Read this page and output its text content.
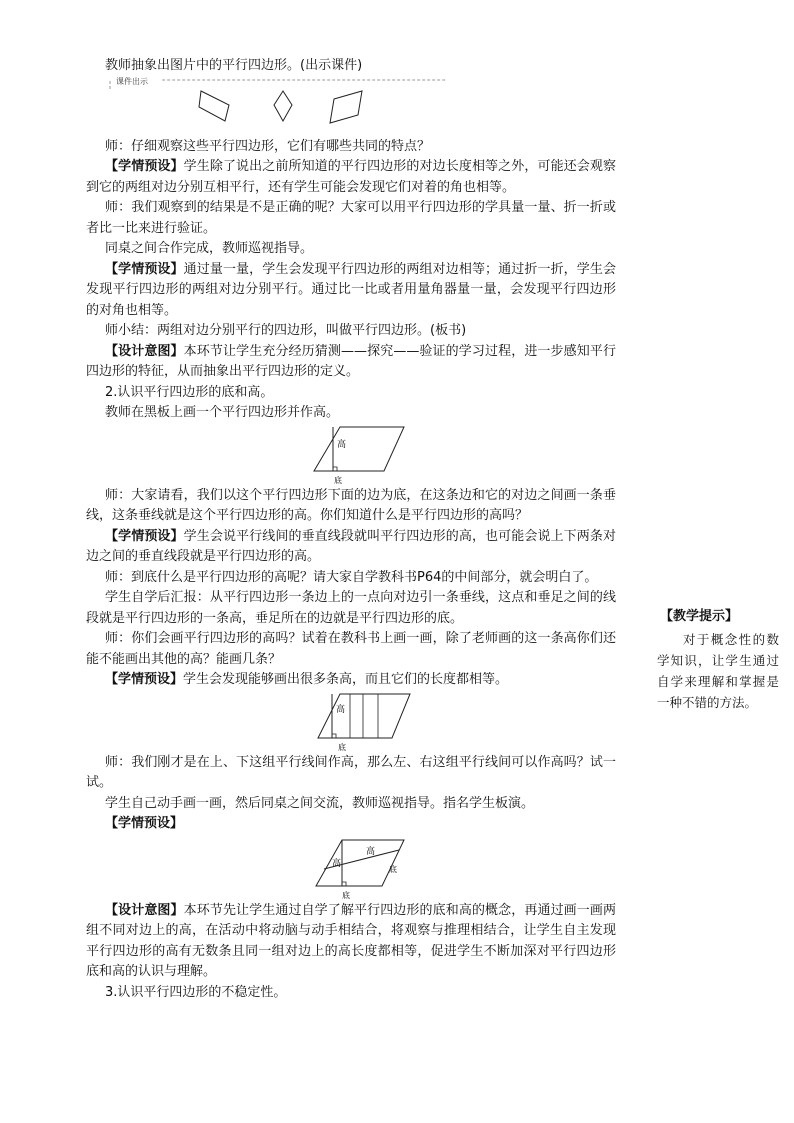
教师抽象出图片中的平行四边形。(出示课件)

课件出示

师：仔细观察这些平行四边形，它们有哪些共同的特点？

【学情预设】学生除了说出之前所知道的平行四边形的对边长度相等之外，可能还会观察到它的两组对边分别互相平行，还有学生可能会发现它们对着的角也相等。

师：我们观察到的结果是不是正确的呢？大家可以用平行四边形的学具量一量、折一折或者比一比来进行验证。

同桌之间合作完成，教师巡视指导。

【学情预设】通过量一量，学生会发现平行四边形的两组对边相等；通过折一折，学生会发现平行四边形的两组对边分别平行。通过比一比或者用量角器量一量，会发现平行四边形的对角也相等。

师小结：两组对边分别平行的四边形，叫做平行四边形。(板书)

【设计意图】本环节让学生充分经历猜测——探究——验证的学习过程，进一步感知平行四边形的特征，从而抽象出平行四边形的定义。

2.认识平行四边形的底和高。

教师在黑板上画一个平行四边形并作高。

高
底

师：大家请看，我们以这个平行四边形下面的边为底，在这条边和它的对边之间画一条垂线，这条垂线就是这个平行四边形的高。你们知道什么是平行四边形的高吗？

【学情预设】学生会说平行线间的垂直线段就叫平行四边形的高，也可能会说上下两条对边之间的垂直线段就是平行四边形的高。

师：到底什么是平行四边形的高呢？请大家自学教科书P64的中间部分，就会明白了。

学生自学后汇报：从平行四边形一条边上的一点向对边引一条垂线，这点和垂足之间的线段就是平行四边形的一条高，垂足所在的边就是平行四边形的底。

师：你们会画平行四边形的高吗？试着在教科书上画一画，除了老师画的这一条高你们还能不能画出其他的高？能画几条？

【学情预设】学生会发现能够画出很多条高，而且它们的长度都相等。

高
底

师：我们刚才是在上、下这组平行线间作高，那么左、右这组平行线间可以作高吗？试一试。

学生自己动手画一画，然后同桌之间交流，教师巡视指导。指名学生板演。

【学情预设】

高
高
底
底

【设计意图】本环节先让学生通过自学了解平行四边形的底和高的概念，再通过画一画两组不同对边上的高，在活动中将动脑与动手相结合，将观察与推理相结合，让学生自主发现平行四边形的高有无数条且同一组对边上的高长度都相等，促进学生不断加深对平行四边形底和高的认识与理解。

3.认识平行四边形的不稳定性。

【教学提示】

对于概念性的数学知识，让学生通过自学来理解和掌握是一种不错的方法。
